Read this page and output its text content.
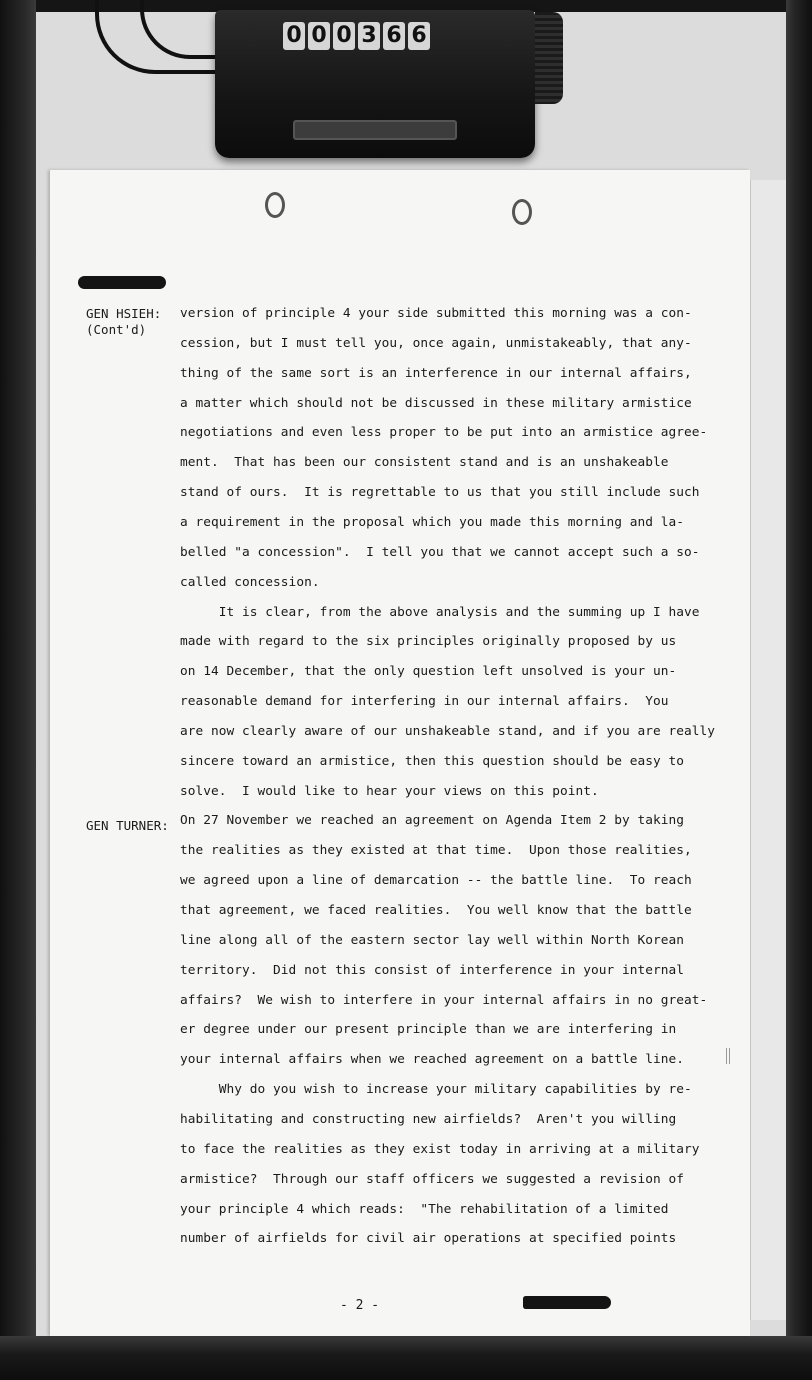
0 0 0 3 6 6
GEN HSIEH:
(Cont'd)
GEN TURNER:
version of principle 4 your side submitted this morning was a con-
cession, but I must tell you, once again, unmistakeably, that any-
thing of the same sort is an interference in our internal affairs,
a matter which should not be discussed in these military armistice
negotiations and even less proper to be put into an armistice agree-
ment.  That has been our consistent stand and is an unshakeable
stand of ours.  It is regrettable to us that you still include such
a requirement in the proposal which you made this morning and la-
belled "a concession".  I tell you that we cannot accept such a so-
called concession.
It is clear, from the above analysis and the summing up I have
made with regard to the six principles originally proposed by us
on 14 December, that the only question left unsolved is your un-
reasonable demand for interfering in our internal affairs.  You
are now clearly aware of our unshakeable stand, and if you are really
sincere toward an armistice, then this question should be easy to
solve.  I would like to hear your views on this point.
On 27 November we reached an agreement on Agenda Item 2 by taking
the realities as they existed at that time.  Upon those realities,
we agreed upon a line of demarcation -- the battle line.  To reach
that agreement, we faced realities.  You well know that the battle
line along all of the eastern sector lay well within North Korean
territory.  Did not this consist of interference in your internal
affairs?  We wish to interfere in your internal affairs in no great-
er degree under our present principle than we are interfering in
your internal affairs when we reached agreement on a battle line.
Why do you wish to increase your military capabilities by re-
habilitating and constructing new airfields?  Aren't you willing
to face the realities as they exist today in arriving at a military
armistice?  Through our staff officers we suggested a revision of
your principle 4 which reads:  "The rehabilitation of a limited
number of airfields for civil air operations at specified points
- 2 -
